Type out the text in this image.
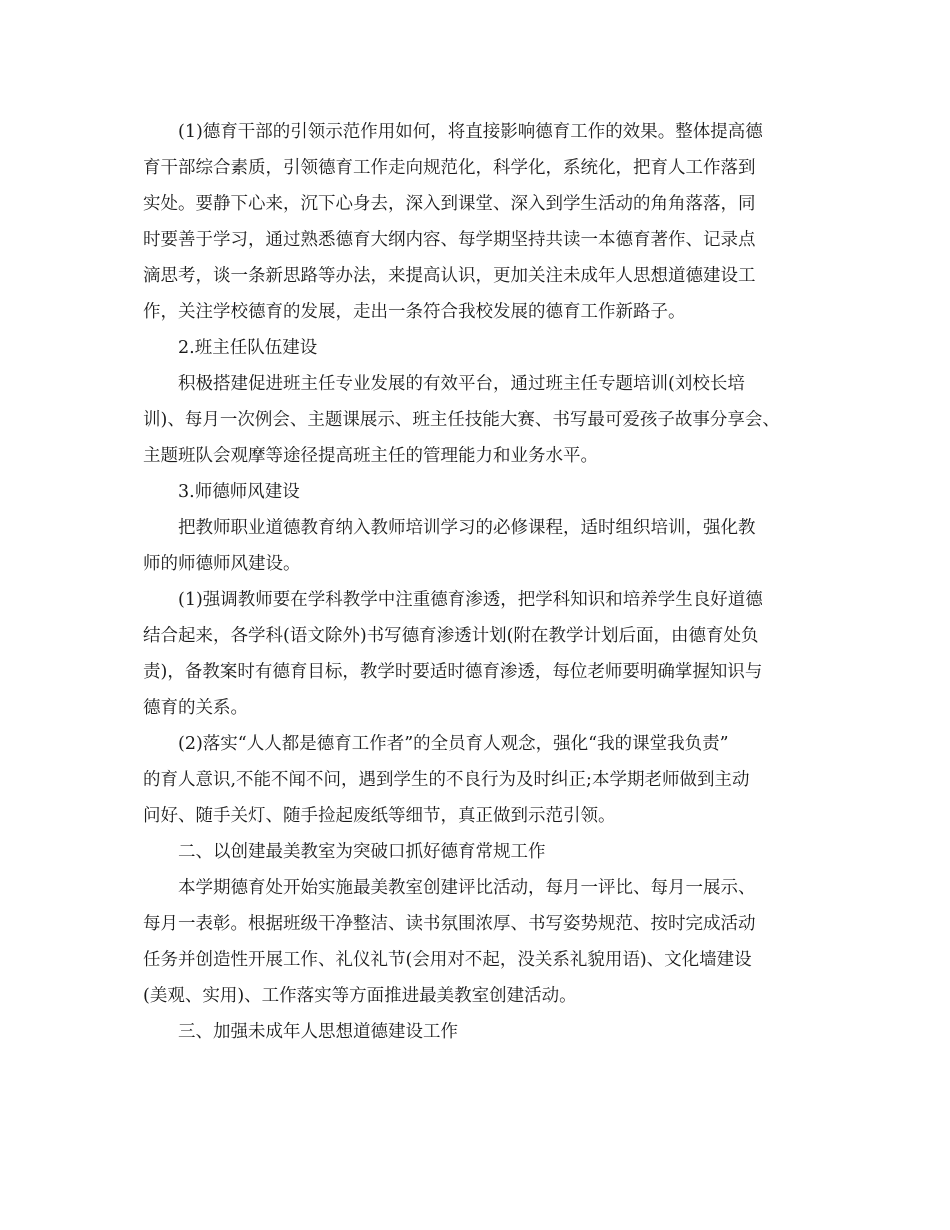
(1)德育干部的引领示范作用如何，将直接影响德育工作的效果。整体提高德
育干部综合素质，引领德育工作走向规范化，科学化，系统化，把育人工作落到
实处。要静下心来，沉下心身去，深入到课堂、深入到学生活动的角角落落，同
时要善于学习，通过熟悉德育大纲内容、每学期坚持共读一本德育著作、记录点
滴思考，谈一条新思路等办法，来提高认识，更加关注未成年人思想道德建设工
作，关注学校德育的发展，走出一条符合我校发展的德育工作新路子。
2.班主任队伍建设
积极搭建促进班主任专业发展的有效平台，通过班主任专题培训(刘校长培
训)、每月一次例会、主题课展示、班主任技能大赛、书写最可爱孩子故事分享会、
主题班队会观摩等途径提高班主任的管理能力和业务水平。
3.师德师风建设
把教师职业道德教育纳入教师培训学习的必修课程，适时组织培训，强化教
师的师德师风建设。
(1)强调教师要在学科教学中注重德育渗透，把学科知识和培养学生良好道德
结合起来，各学科(语文除外)书写德育渗透计划(附在教学计划后面，由德育处负
责)，备教案时有德育目标，教学时要适时德育渗透，每位老师要明确掌握知识与
德育的关系。
(2)落实“人人都是德育工作者”的全员育人观念，强化“我的课堂我负责”
的育人意识,不能不闻不问，遇到学生的不良行为及时纠正;本学期老师做到主动
问好、随手关灯、随手捡起废纸等细节，真正做到示范引领。
二、以创建最美教室为突破口抓好德育常规工作
本学期德育处开始实施最美教室创建评比活动，每月一评比、每月一展示、
每月一表彰。根据班级干净整洁、读书氛围浓厚、书写姿势规范、按时完成活动
任务并创造性开展工作、礼仪礼节(会用对不起，没关系礼貌用语)、文化墙建设
(美观、实用)、工作落实等方面推进最美教室创建活动。
三、加强未成年人思想道德建设工作
